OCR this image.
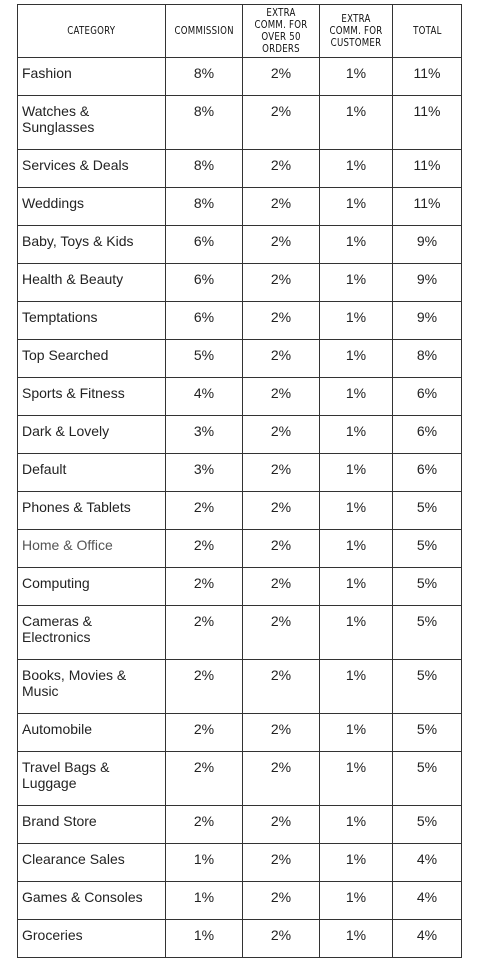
CATEGORY	COMMISSION	EXTRA COMM. FOR OVER 50 ORDERS	EXTRA COMM. FOR CUSTOMER	TOTAL
Fashion	8%	2%	1%	11%
Watches & Sunglasses	8%	2%	1%	11%
Services & Deals	8%	2%	1%	11%
Weddings	8%	2%	1%	11%
Baby, Toys & Kids	6%	2%	1%	9%
Health & Beauty	6%	2%	1%	9%
Temptations	6%	2%	1%	9%
Top Searched	5%	2%	1%	8%
Sports & Fitness	4%	2%	1%	6%
Dark & Lovely	3%	2%	1%	6%
Default	3%	2%	1%	6%
Phones & Tablets	2%	2%	1%	5%
Home & Office	2%	2%	1%	5%
Computing	2%	2%	1%	5%
Cameras & Electronics	2%	2%	1%	5%
Books, Movies & Music	2%	2%	1%	5%
Automobile	2%	2%	1%	5%
Travel Bags & Luggage	2%	2%	1%	5%
Brand Store	2%	2%	1%	5%
Clearance Sales	1%	2%	1%	4%
Games & Consoles	1%	2%	1%	4%
Groceries	1%	2%	1%	4%
